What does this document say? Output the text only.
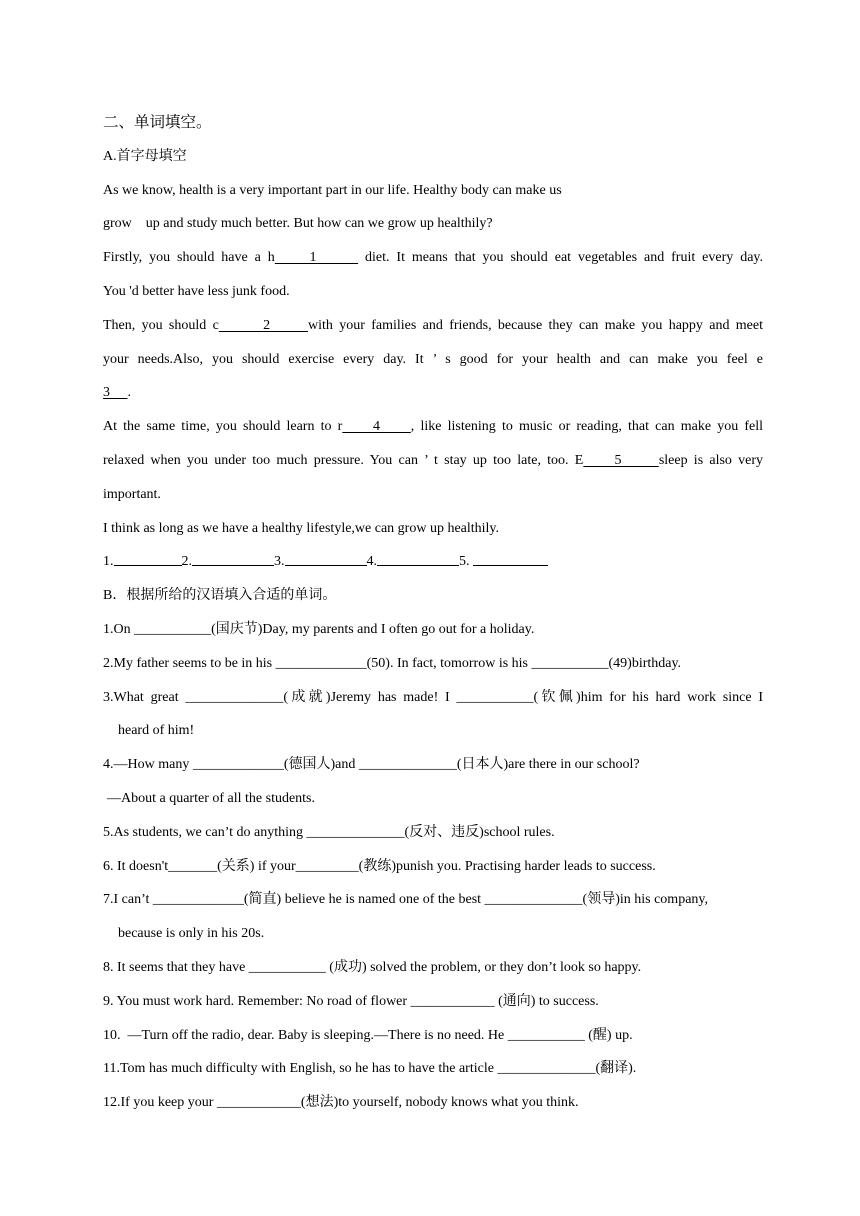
二、单词填空。
A.首字母填空
As we know, health is a very important part in our life. Healthy body can make us
grow    up and study much better. But how can we grow up healthily?
Firstly, you should have a h     1       diet. It means that you should eat vegetables and fruit every day.
You 'd better have less junk food.
Then, you should c       2      with your families and friends, because they can make you happy and meet
your needs.Also, you should exercise every day. It ’ s good for your health and can make you feel e
3     .
At the same time, you should learn to r     4     , like listening to music or reading, that can make you fell
relaxed when you under too much pressure. You can ’ t stay up too late, too. E     5      sleep is also very
important.
I think as long as we have a healthy lifestyle,we can grow up healthily.
1.	2.	3.	4.	5.
B．根据所给的汉语填入合适的单词。
1.On ___________(国庆节)Day, my parents and I often go out for a holiday.
2.My father seems to be in his _____________(50). In fact, tomorrow is his ___________(49)birthday.
3.What great ______________(成就)Jeremy has made! I ___________(钦佩)him for his hard work since I
heard of him!
4.—How many _____________(德国人)and ______________(日本人)are there in our school?
—About a quarter of all the students.
5.As students, we can’t do anything ______________(反对、违反)school rules.
6. It doesn't_______(关系) if your_________(教练)punish you. Practising harder leads to success.
7.I can’t _____________(简直) believe he is named one of the best ______________(领导)in his company,
because is only in his 20s.
8. It seems that they have ___________ (成功) solved the problem, or they don’t look so happy.
9. You must work hard. Remember: No road of flower ____________ (通向) to success.
10.  —Turn off the radio, dear. Baby is sleeping.—There is no need. He ___________ (醒) up.
11.Tom has much difficulty with English, so he has to have the article ______________(翻译).
12.If you keep your ____________(想法)to yourself, nobody knows what you think.
